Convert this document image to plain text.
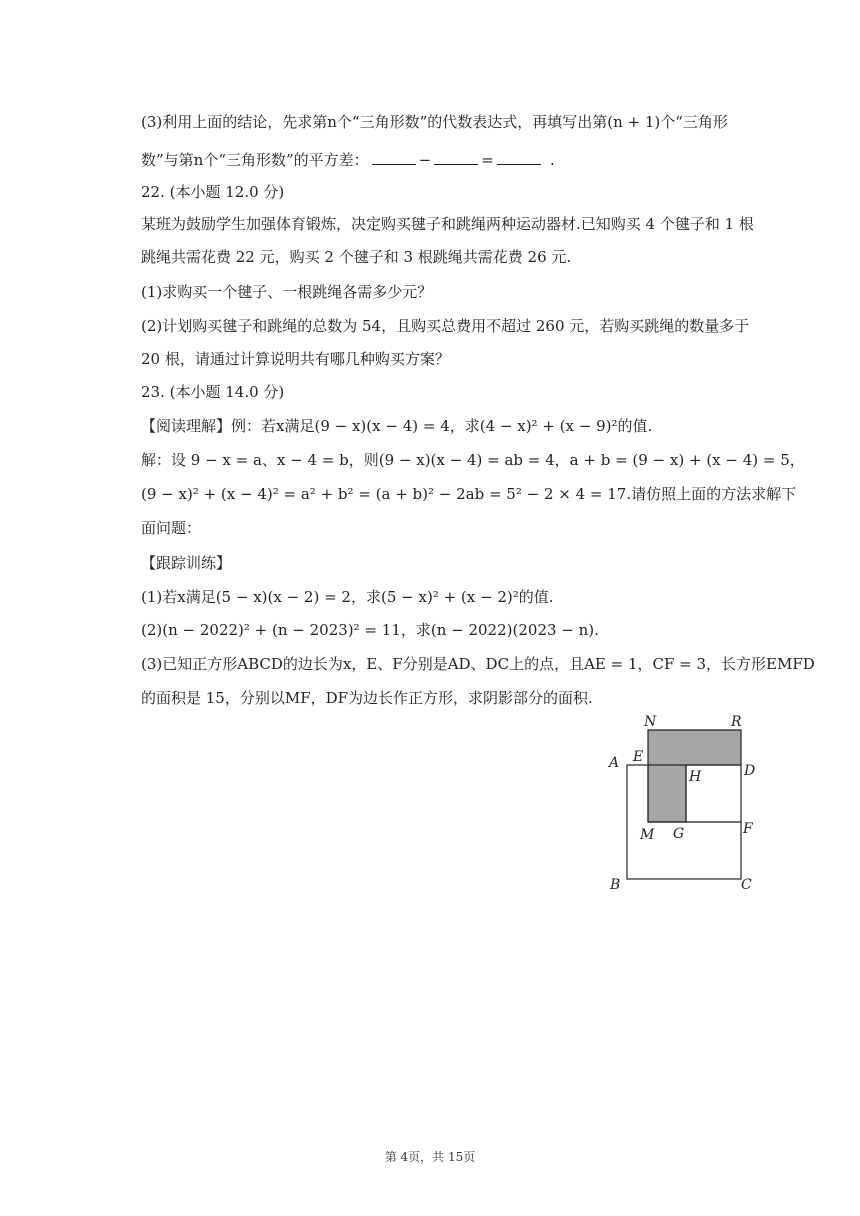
(3)利用上面的结论，先求第n个“三角形数”的代数表达式，再填写出第(n + 1)个“三角形
数”与第n个“三角形数”的平方差：	−	=	.
22. (本小题 12.0 分)
某班为鼓励学生加强体育锻炼，决定购买毽子和跳绳两种运动器材.已知购买 4 个毽子和 1 根
跳绳共需花费 22 元，购买 2 个毽子和 3 根跳绳共需花费 26 元.
(1)求购买一个毽子、一根跳绳各需多少元？
(2)计划购买毽子和跳绳的总数为 54，且购买总费用不超过 260 元，若购买跳绳的数量多于
20 根，请通过计算说明共有哪几种购买方案？
23. (本小题 14.0 分)
【阅读理解】例：若x满足(9 − x)(x − 4) = 4，求(4 − x)² + (x − 9)²的值.
解：设 9 − x = a、x − 4 = b，则(9 − x)(x − 4) = ab = 4，a + b = (9 − x) + (x − 4) = 5，
(9 − x)² + (x − 4)² = a² + b² = (a + b)² − 2ab = 5² − 2 × 4 = 17.请仿照上面的方法求解下
面问题：
【跟踪训练】
(1)若x满足(5 − x)(x − 2) = 2，求(5 − x)² + (x − 2)²的值.
(2)(n − 2022)² + (n − 2023)² = 11，求(n − 2022)(2023 − n).
(3)已知正方形ABCD的边长为x，E、F分别是AD、DC上的点，且AE = 1，CF = 3，长方形EMFD
的面积是 15，分别以MF，DF为边长作正方形，求阴影部分的面积.
N	R
E
A
H	D
M G	F
B	C
第 4页，共 15页
